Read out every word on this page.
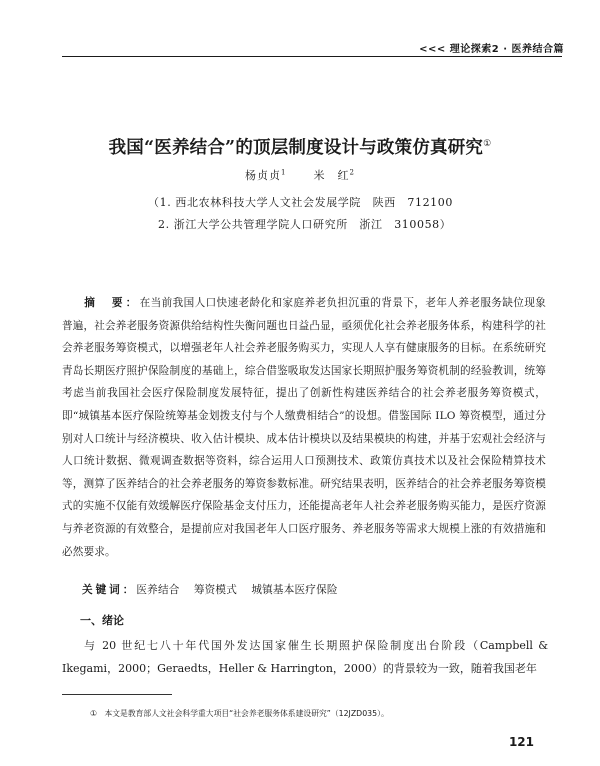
<<< 理论探索2 · 医养结合篇
我国“医养结合”的顶层制度设计与政策仿真研究①
杨贞贞$^1$ 米　红$^2$
（1. 西北农林科技大学人文社会发展学院　陕西　712100
2. 浙江大学公共管理学院人口研究所　浙江　310058）

摘　要：在当前我国人口快速老龄化和家庭养老负担沉重的背景下，老年人养老服务缺位现象普遍，社会养老服务资源供给结构性失衡问题也日益凸显，亟须优化社会养老服务体系，构建科学的社会养老服务筹资模式，以增强老年人社会养老服务购买力，实现人人享有健康服务的目标。在系统研究青岛长期医疗照护保险制度的基础上，综合借鉴吸取发达国家长期照护服务筹资机制的经验教训，统筹考虑当前我国社会医疗保险制度发展特征，提出了创新性构建医养结合的社会养老服务筹资模式，即“城镇基本医疗保险统筹基金划拨支付与个人缴费相结合”的设想。借鉴国际 ILO 筹资模型，通过分别对人口统计与经济模块、收入估计模块、成本估计模块以及结果模块的构建，并基于宏观社会经济与人口统计数据、微观调查数据等资料，综合运用人口预测技术、政策仿真技术以及社会保险精算技术等，测算了医养结合的社会养老服务的筹资参数标准。研究结果表明，医养结合的社会养老服务筹资模式的实施不仅能有效缓解医疗保险基金支付压力，还能提高老年人社会养老服务购买能力，是医疗资源与养老资源的有效整合，是提前应对我国老年人口医疗服务、养老服务等需求大规模上涨的有效措施和必然要求。

关键词：医养结合 筹资模式 城镇基本医疗保险
一、绪论

与 20 世纪七八十年代国外发达国家催生长期照护保险制度出台阶段（Campbell & Ikegami，2000；Geraedts，Heller & Harrington，2000）的背景较为一致，随着我国老年

① 本文是教育部人文社会科学重大项目“社会养老服务体系建设研究”（12JZD035）。
121
